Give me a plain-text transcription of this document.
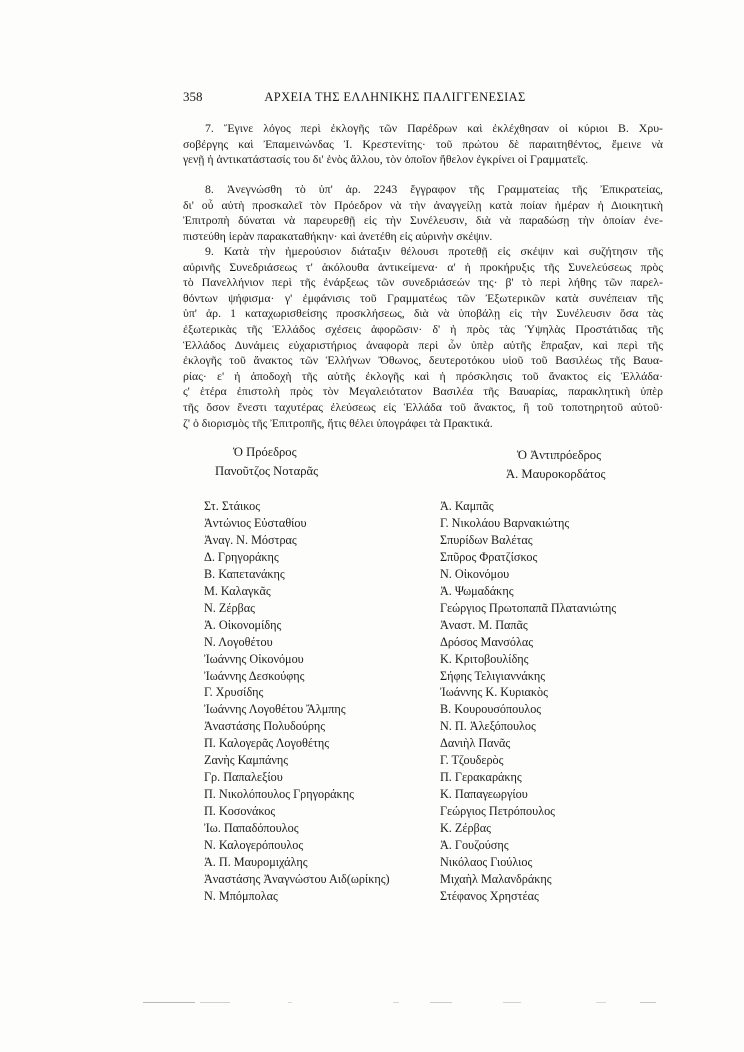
358	ΑΡΧΕΙΑ ΤΗΣ ΕΛΛΗΝΙΚΗΣ ΠΑΛΙΓΓΕΝΕΣΙΑΣ
7. Ἔγινε λόγος περὶ ἐκλογῆς τῶν Παρέδρων καὶ ἐκλέχθησαν οἱ κύριοι Β. Χρυ-
σοβέργης καὶ Ἐπαμεινώνδας Ἰ. Κρεστενίτης· τοῦ πρώτου δὲ παραιτηθέντος, ἔμεινε νὰ
γενῇ ἡ ἀντικατάστασίς του δι' ἑνὸς ἄλλου, τὸν ὁποῖον ἤθελον ἐγκρίνει οἱ Γραμματεῖς.
8. Ἀνεγνώσθη τὸ ὑπ' ἀρ. 2243 ἔγγραφον τῆς Γραμματείας τῆς Ἐπικρατείας,
δι' οὗ αὐτὴ προσκαλεῖ τὸν Πρόεδρον νὰ τὴν ἀναγγείλῃ κατὰ ποίαν ἡμέραν ἡ Διοικητικὴ
Ἐπιτροπὴ δύναται νὰ παρευρεθῇ εἰς τὴν Συνέλευσιν, διὰ νὰ παραδώσῃ τὴν ὁποίαν ἐνε-
πιστεύθη ἱερὰν παρακαταθήκην· καὶ ἀνετέθη εἰς αὐρινὴν σκέψιν.
9. Κατὰ τὴν ἡμερούσιον διάταξιν θέλουσι προτεθῇ εἰς σκέψιν καὶ συζήτησιν τῆς
αὐρινῆς Συνεδριάσεως τ' ἀκόλουθα ἀντικείμενα· α' ἡ προκήρυξις τῆς Συνελεύσεως πρὸς
τὸ Πανελλήνιον περὶ τῆς ἐνάρξεως τῶν συνεδριάσεών της· β' τὸ περὶ λήθης τῶν παρελ-
θόντων ψήφισμα· γ' ἐμφάνισις τοῦ Γραμματέως τῶν Ἐξωτερικῶν κατὰ συνέπειαν τῆς
ὑπ' ἀρ. 1 καταχωρισθείσης προσκλήσεως, διὰ νὰ ὑποβάλῃ εἰς τὴν Συνέλευσιν ὅσα τὰς
ἐξωτερικὰς τῆς Ἑλλάδος σχέσεις ἀφορῶσιν· δ' ἡ πρὸς τὰς Ὑψηλὰς Προστάτιδας τῆς
Ἑλλάδος Δυνάμεις εὐχαριστήριος ἀναφορὰ περὶ ὧν ὑπὲρ αὐτῆς ἔπραξαν, καὶ περὶ τῆς
ἐκλογῆς τοῦ ἄνακτος τῶν Ἑλλήνων Ὄθωνος, δευτεροτόκου υἱοῦ τοῦ Βασιλέως τῆς Βαυα-
ρίας· ε' ἡ ἀποδοχὴ τῆς αὐτῆς ἐκλογῆς καὶ ἡ πρόσκλησις τοῦ ἄνακτος εἰς Ἑλλάδα·
ς' ἑτέρα ἐπιστολὴ πρὸς τὸν Μεγαλειότατον Βασιλέα τῆς Βαυαρίας, παρακλητικὴ ὑπὲρ
τῆς ὅσον ἔνεστι ταχυτέρας ἐλεύσεως εἰς Ἑλλάδα τοῦ ἄνακτος, ἢ τοῦ τοποτηρητοῦ αὐτοῦ·
ζ' ὁ διορισμὸς τῆς Ἐπιτροπῆς, ἥτις θέλει ὑπογράφει τὰ Πρακτικά.
Ὁ Πρόεδρος
Πανοῦτζος Νοταρᾶς
Ὁ Ἀντιπρόεδρος
Ἀ. Μαυροκορδάτος
Στ. Στάικος
Ἀντώνιος Εὐσταθίου
Ἀναγ. Ν. Μόστρας
Δ. Γρηγοράκης
Β. Καπετανάκης
Μ. Καλαγκᾶς
Ν. Ζέρβας
Ἀ. Οἰκονομίδης
Ν. Λογοθέτου
Ἰωάννης Οἰκονόμου
Ἰωάννης Δεσκούφης
Γ. Χρυσίδης
Ἰωάννης Λογοθέτου Ἄλμπης
Ἀναστάσης Πολυδούρης
Π. Καλογερᾶς Λογοθέτης
Ζανὴς Καμπάνης
Γρ. Παπαλεξίου
Π. Νικολόπουλος Γρηγοράκης
Π. Κοσονάκος
Ἰω. Παπαδόπουλος
Ν. Καλογερόπουλος
Ἀ. Π. Μαυρομιχάλης
Ἀναστάσης Ἀναγνώστου Αιδ(ωρίκης)
Ν. Μπόμπολας
Ἀ. Καμπᾶς
Γ. Νικολάου Βαρνακιώτης
Σπυρίδων Βαλέτας
Σπῦρος Φρατζίσκος
Ν. Οἰκονόμου
Ἀ. Ψωμαδάκης
Γεώργιος Πρωτοπαπᾶ Πλατανιώτης
Ἀναστ. Μ. Παπᾶς
Δρόσος Μανσόλας
Κ. Κριτοβουλίδης
Σήφης Τελιγιαννάκης
Ἰωάννης Κ. Κυριακὸς
Β. Κουρουσόπουλος
Ν. Π. Ἀλεξόπουλος
Δανιὴλ Πανᾶς
Γ. Τζουδερὸς
Π. Γερακαράκης
Κ. Παπαγεωργίου
Γεώργιος Πετρόπουλος
Κ. Ζέρβας
Ἀ. Γουζούσης
Νικόλαος Γιούλιος
Μιχαὴλ Μαλανδράκης
Στέφανος Χρηστέας
